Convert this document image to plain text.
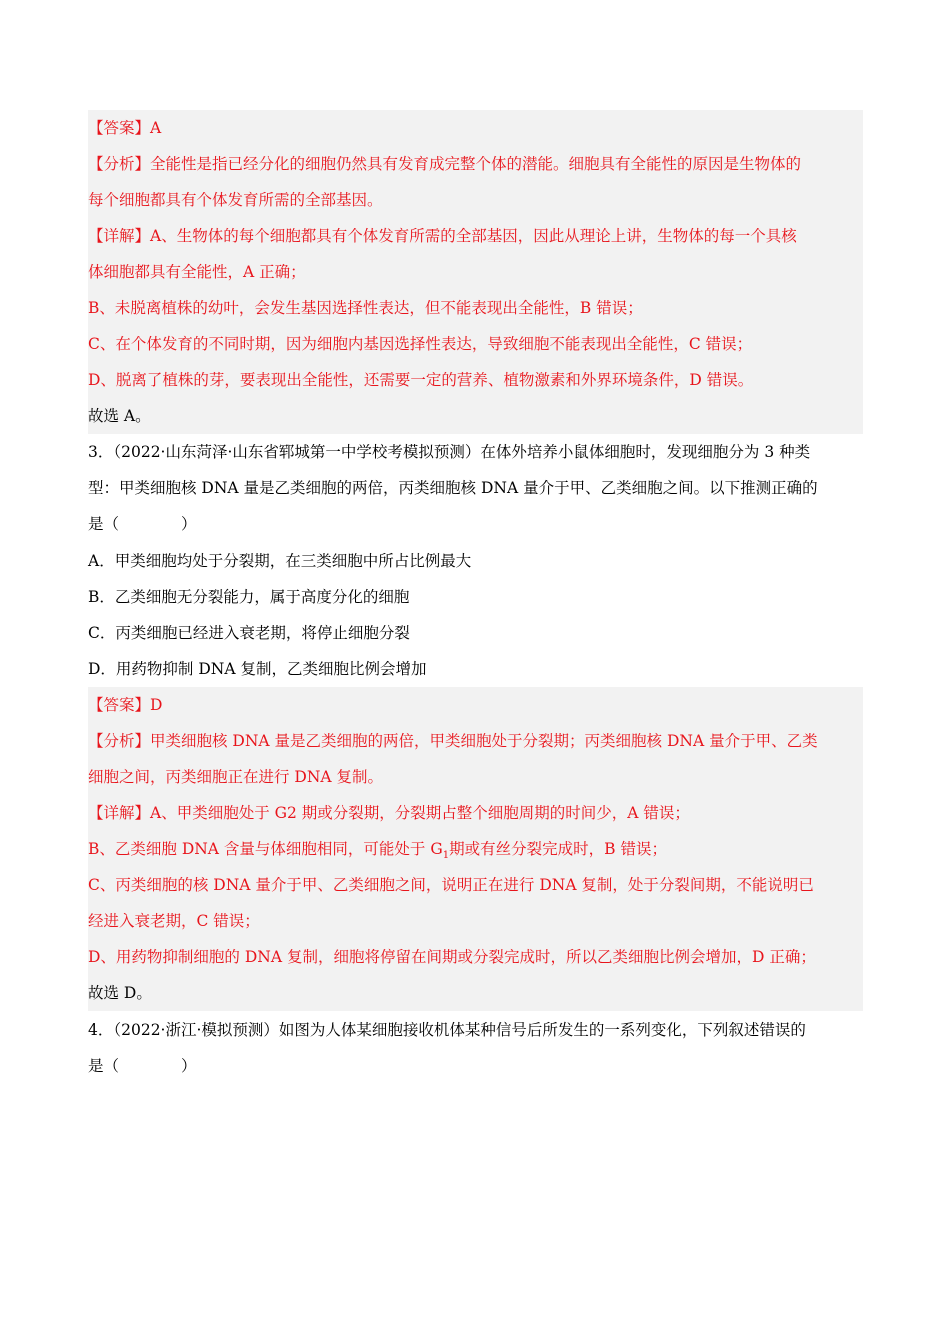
【答案】A
【分析】全能性是指已经分化的细胞仍然具有发育成完整个体的潜能。细胞具有全能性的原因是生物体的
每个细胞都具有个体发育所需的全部基因。
【详解】A、生物体的每个细胞都具有个体发育所需的全部基因，因此从理论上讲，生物体的每一个具核
体细胞都具有全能性，A 正确；
B、未脱离植株的幼叶，会发生基因选择性表达，但不能表现出全能性，B 错误；
C、在个体发育的不同时期，因为细胞内基因选择性表达，导致细胞不能表现出全能性，C 错误；
D、脱离了植株的芽，要表现出全能性，还需要一定的营养、植物激素和外界环境条件，D 错误。
故选 A。
3．（2022·山东菏泽·山东省郓城第一中学校考模拟预测）在体外培养小鼠体细胞时，发现细胞分为 3 种类
型：甲类细胞核 DNA 量是乙类细胞的两倍，丙类细胞核 DNA 量介于甲、乙类细胞之间。以下推测正确的
是（　　　　）
A．甲类细胞均处于分裂期，在三类细胞中所占比例最大
B．乙类细胞无分裂能力，属于高度分化的细胞
C．丙类细胞已经进入衰老期，将停止细胞分裂
D．用药物抑制 DNA 复制，乙类细胞比例会增加
【答案】D
【分析】甲类细胞核 DNA 量是乙类细胞的两倍，甲类细胞处于分裂期；丙类细胞核 DNA 量介于甲、乙类
细胞之间，丙类细胞正在进行 DNA 复制。
【详解】A、甲类细胞处于 G2 期或分裂期，分裂期占整个细胞周期的时间少，A 错误；
B、乙类细胞 DNA 含量与体细胞相同，可能处于 $G_1$期或有丝分裂完成时，B 错误；
C、丙类细胞的核 DNA 量介于甲、乙类细胞之间，说明正在进行 DNA 复制，处于分裂间期，不能说明已
经进入衰老期，C 错误；
D、用药物抑制细胞的 DNA 复制，细胞将停留在间期或分裂完成时，所以乙类细胞比例会增加，D 正确；
故选 D。
4．（2022·浙江·模拟预测）如图为人体某细胞接收机体某种信号后所发生的一系列变化，下列叙述错误的
是（　　　　）
